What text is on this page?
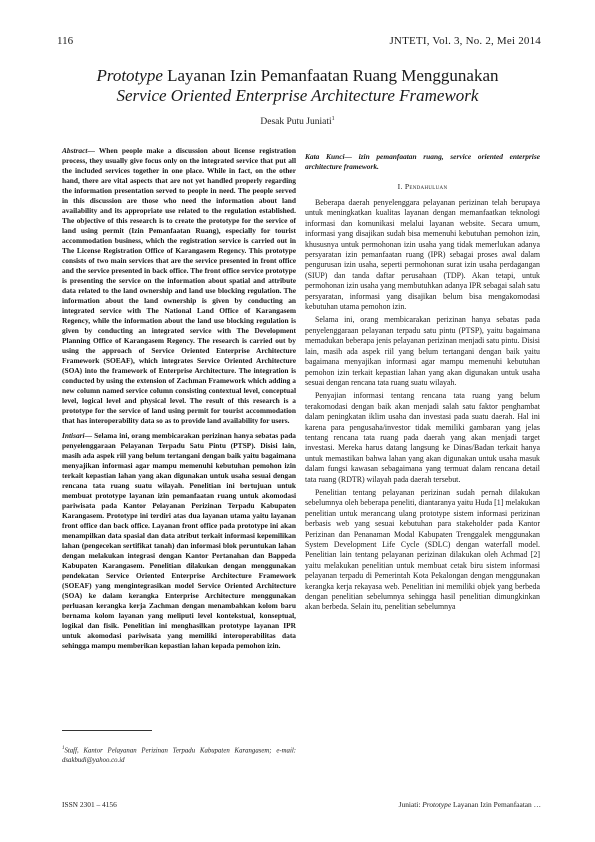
116	JNTETI, Vol. 3, No. 2, Mei 2014
Prototype Layanan Izin Pemanfaatan Ruang Menggunakan
Service Oriented Enterprise Architecture Framework
Desak Putu Juniati$^1$

Abstract— When people make a discussion about license registration process, they usually give focus only on the integrated service that put all the included services together in one place. While in fact, on the other hand, there are vital aspects that are not yet handled properly regarding the information presentation served to people in need. The people served in this discussion are those who need the information about land availability and its appropriate use related to the regulation established. The objective of this research is to create the prototype for the service of land using permit (Izin Pemanfaatan Ruang), especially for tourist accommodation business, which the registration service is carried out in The License Registration Office of Karangasem Regency. This prototype consists of two main services that are the service presented in front office and the service presented in back office. The front office service prototype is presenting the service on the information about spatial and attribute data related to the land ownership and land use blocking regulation. The information about the land ownership is given by conducting an integrated service with The National Land Office of Karangasem Regency, while the information about the land use blocking regulation is given by conducting an integrated service with The Development Planning Office of Karangasem Regency. The research is carried out by using the approach of Service Oriented Enterprise Architecture Framework (SOEAF), which integrates Service Oriented Architecture (SOA) into the framework of Enterprise Architecture. The integration is conducted by using the extension of Zachman Framework which adding a new column named service column consisting contextual level, conceptual level, logical level and physical level. The result of this research is a prototype for the service of land using permit for tourist accommodation that has interoperability data so as to provide land availability for users.

Intisari— Selama ini, orang membicarakan perizinan hanya sebatas pada penyelenggaraan Pelayanan Terpadu Satu Pintu (PTSP). Disisi lain, masih ada aspek riil yang belum tertangani dengan baik yaitu bagaimana menyajikan informasi agar mampu memenuhi kebutuhan pemohon izin terkait kepastian lahan yang akan digunakan untuk usaha sesuai dengan rencana tata ruang suatu wilayah. Penelitian ini bertujuan untuk membuat prototype layanan izin pemanfaatan ruang untuk akomodasi pariwisata pada Kantor Pelayanan Perizinan Terpadu Kabupaten Karangasem. Prototype ini terdiri atas dua layanan utama yaitu layanan front office dan back office. Layanan front office pada prototype ini akan menampilkan data spasial dan data atribut terkait informasi kepemilikan lahan (pengecekan sertifikat tanah) dan informasi blok peruntukan lahan dengan melakukan integrasi dengan Kantor Pertanahan dan Bappeda Kabupaten Karangasem. Penelitian dilakukan dengan menggunakan pendekatan Service Oriented Enterprise Architecture Framework (SOEAF) yang mengintegrasikan model Service Oriented Architecture (SOA) ke dalam kerangka Enterprise Architecture menggunakan perluasan kerangka kerja Zachman dengan menambahkan kolom baru bernama kolom layanan yang meliputi level kontekstual, konseptual, logikal dan fisik. Penelitian ini menghasilkan prototype layanan IPR untuk akomodasi pariwisata yang memiliki interoperabilitas data sehingga mampu memberikan kepastian lahan kepada pemohon izin.

Kata Kunci— izin pemanfaatan ruang, service oriented enterprise architecture framework.

I. Pendahuluan

Beberapa daerah penyelenggara pelayanan perizinan telah berupaya untuk meningkatkan kualitas layanan dengan memanfaatkan teknologi informasi dan komunikasi melalui layanan website. Secara umum, informasi yang disajikan sudah bisa memenuhi kebutuhan pemohon izin, khususnya untuk permohonan izin usaha yang tidak memerlukan adanya persyaratan izin pemanfaatan ruang (IPR) sebagai proses awal dalam pengurusan izin usaha, seperti permohonan surat izin usaha perdagangan (SIUP) dan tanda daftar perusahaan (TDP). Akan tetapi, untuk permohonan izin usaha yang membutuhkan adanya IPR sebagai salah satu persyaratan, informasi yang disajikan belum bisa mengakomodasi kebutuhan utama pemohon izin.

Selama ini, orang membicarakan perizinan hanya sebatas pada penyelenggaraan pelayanan terpadu satu pintu (PTSP), yaitu bagaimana memadukan beberapa jenis pelayanan perizinan menjadi satu pintu. Disisi lain, masih ada aspek riil yang belum tertangani dengan baik yaitu bagaimana menyajikan informasi agar mampu memenuhi kebutuhan pemohon izin terkait kepastian lahan yang akan digunakan untuk usaha sesuai dengan rencana tata ruang suatu wilayah.

Penyajian informasi tentang rencana tata ruang yang belum terakomodasi dengan baik akan menjadi salah satu faktor penghambat dalam peningkatan iklim usaha dan investasi pada suatu daerah. Hal ini karena para pengusaha/investor tidak memiliki gambaran yang jelas tentang rencana tata ruang pada daerah yang akan menjadi target investasi. Mereka harus datang langsung ke Dinas/Badan terkait hanya untuk memastikan bahwa lahan yang akan digunakan untuk usaha masuk dalam fungsi kawasan sebagaimana yang termuat dalam rencana detail tata ruang (RDTR) wilayah pada daerah tersebut.

Penelitian tentang pelayanan perizinan sudah pernah dilakukan sebelumnya oleh beberapa peneliti, diantaranya yaitu Huda [1] melakukan penelitian untuk merancang ulang prototype sistem informasi perizinan berbasis web yang sesuai kebutuhan para stakeholder pada Kantor Perizinan dan Penanaman Modal Kabupaten Trenggalek menggunakan System Development Life Cycle (SDLC) dengan waterfall model. Penelitian lain tentang pelayanan perizinan dilakukan oleh Achmad [2] yaitu melakukan penelitian untuk membuat cetak biru sistem informasi pelayanan terpadu di Pemerintah Kota Pekalongan dengan menggunakan kerangka kerja rekayasa web. Penelitian ini memiliki objek yang berbeda dengan penelitian sebelumnya sehingga hasil penelitian dimungkinkan akan berbeda. Selain itu, penelitian sebelumnya

$^1$Staff, Kantor Pelayanan Perizinan Terpadu Kabupaten Karangasem; e-mail: dsakbudi@yahoo.co.id
ISSN 2301 – 4156	Juniati: Prototype Layanan Izin Pemanfaatan …
